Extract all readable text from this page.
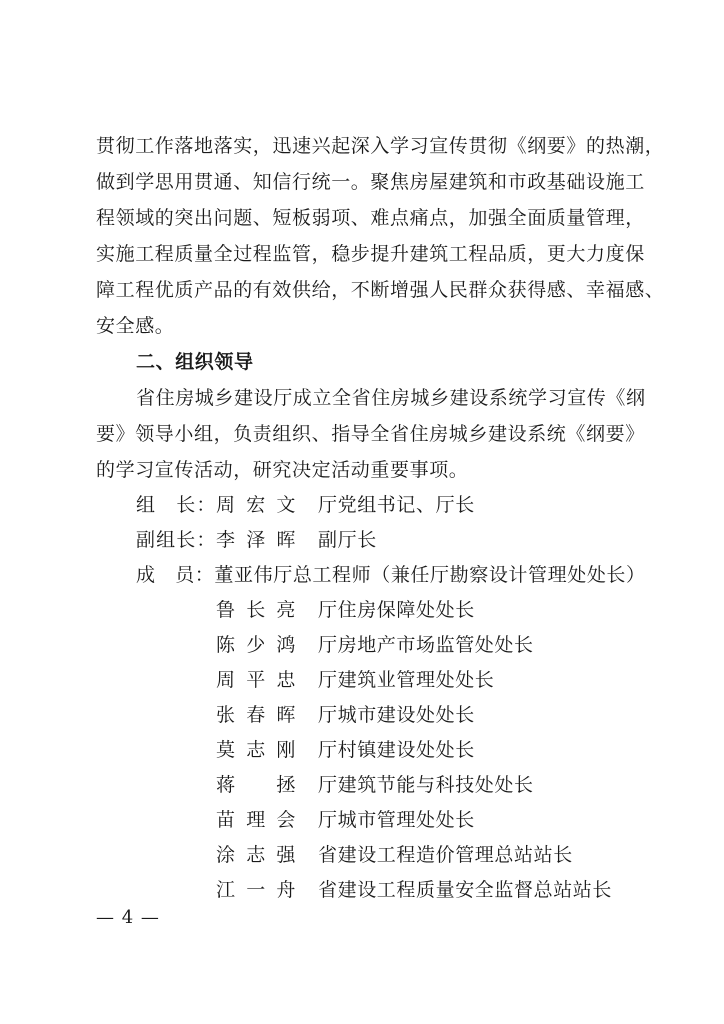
贯彻工作落地落实，迅速兴起深入学习宣传贯彻《纲要》的热潮，

做到学思用贯通、知信行统一。聚焦房屋建筑和市政基础设施工

程领域的突出问题、短板弱项、难点痛点，加强全面质量管理，

实施工程质量全过程监管，稳步提升建筑工程品质，更大力度保

障工程优质产品的有效供给，不断增强人民群众获得感、幸福感、

安全感。

二、组织领导

省住房城乡建设厅成立全省住房城乡建设系统学习宣传《纲

要》领导小组，负责组织、指导全省住房城乡建设系统《纲要》

的学习宣传活动，研究决定活动重要事项。

组　长： 周宏文 厅党组书记、厅长
副组长： 李泽晖 副厅长
成　员： 董亚伟 厅总工程师（兼任厅勘察设计管理处处长）
鲁长亮 厅住房保障处处长
陈少鸿 厅房地产市场监管处处长
周平忠 厅建筑业管理处处长
张春晖 厅城市建设处处长
莫志刚 厅村镇建设处处长
蒋　拯 厅建筑节能与科技处处长
苗理会 厅城市管理处处长
涂志强 省建设工程造价管理总站站长
江一舟 省建设工程质量安全监督总站站长
— 4 —
